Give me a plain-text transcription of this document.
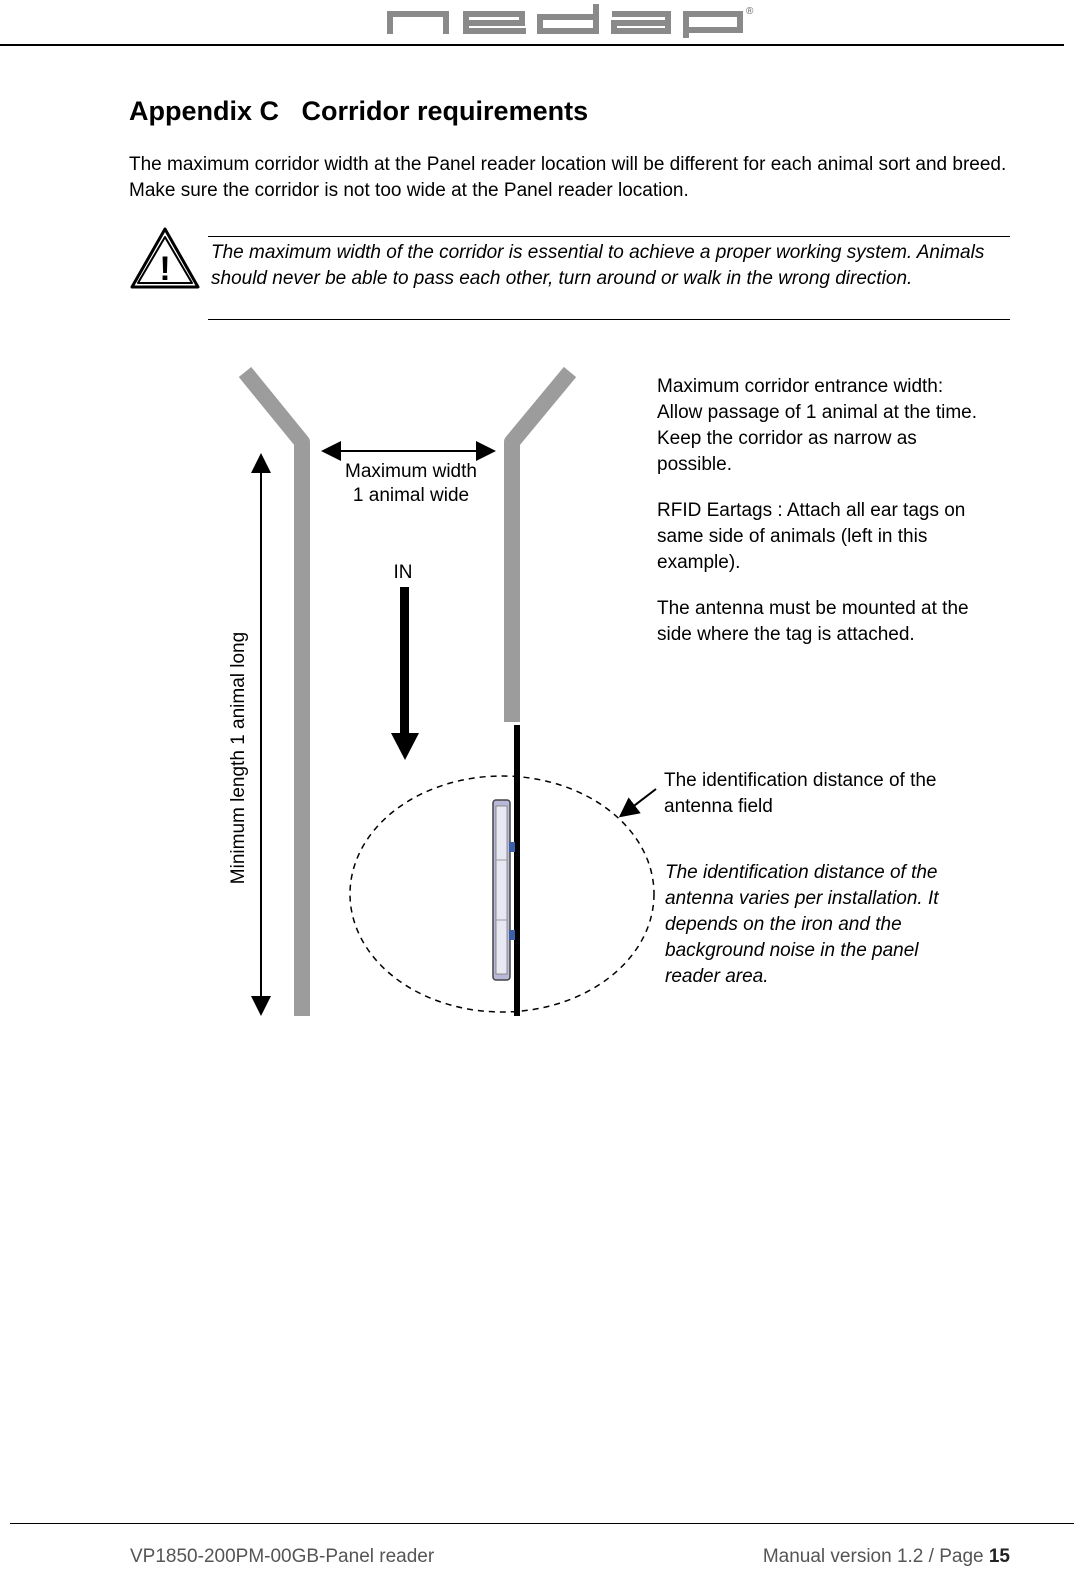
®
Appendix C Corridor requirements

The maximum corridor width at the Panel reader location will be different for each animal sort and breed. Make sure the corridor is not too wide at the Panel reader location.

! The maximum width of the corridor is essential to achieve a proper working system. Animals should never be able to pass each other, turn around or walk in the wrong direction.
Maximum width
1 animal wide
IN
Minimum length 1 animal long
Maximum corridor entrance width: Allow passage of 1 animal at the time. Keep the corridor as narrow as possible.
RFID Eartags : Attach all ear tags on same side of animals (left in this example).
The antenna must be mounted at the side where the tag is attached.
The identification distance of the antenna field
The identification distance of the antenna varies per installation. It depends on the iron and the background noise in the panel reader area.
VP1850-200PM-00GB-Panel reader	Manual version 1.2 / Page 15
